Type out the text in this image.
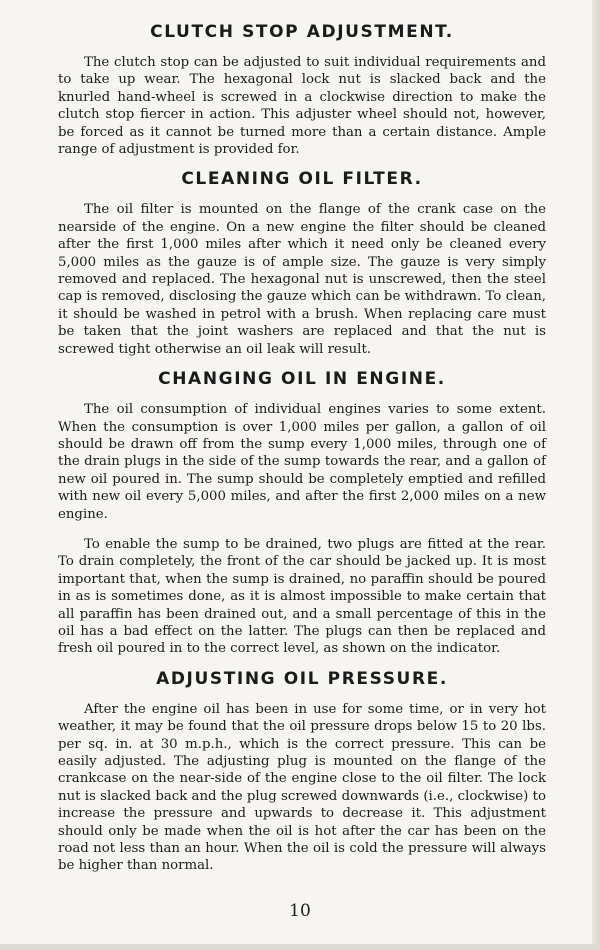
CLUTCH STOP ADJUSTMENT.

The clutch stop can be adjusted to suit individual requirements and to take up wear. The hexagonal lock nut is slacked back and the knurled hand-wheel is screwed in a clockwise direction to make the clutch stop fiercer in action. This adjuster wheel should not, however, be forced as it cannot be turned more than a certain distance. Ample range of adjustment is provided for.

CLEANING OIL FILTER.

The oil filter is mounted on the flange of the crank case on the nearside of the engine. On a new engine the filter should be cleaned after the first 1,000 miles after which it need only be cleaned every 5,000 miles as the gauze is of ample size. The gauze is very simply removed and replaced. The hexagonal nut is unscrewed, then the steel cap is removed, disclosing the gauze which can be withdrawn. To clean, it should be washed in petrol with a brush. When replacing care must be taken that the joint washers are replaced and that the nut is screwed tight otherwise an oil leak will result.

CHANGING OIL IN ENGINE.

The oil consumption of individual engines varies to some extent. When the consumption is over 1,000 miles per gallon, a gallon of oil should be drawn off from the sump every 1,000 miles, through one of the drain plugs in the side of the sump towards the rear, and a gallon of new oil poured in. The sump should be completely emptied and refilled with new oil every 5,000 miles, and after the first 2,000 miles on a new engine.

To enable the sump to be drained, two plugs are fitted at the rear. To drain completely, the front of the car should be jacked up. It is most important that, when the sump is drained, no paraffin should be poured in as is sometimes done, as it is almost impossible to make certain that all paraffin has been drained out, and a small percentage of this in the oil has a bad effect on the latter. The plugs can then be replaced and fresh oil poured in to the correct level, as shown on the indicator.

ADJUSTING OIL PRESSURE.

After the engine oil has been in use for some time, or in very hot weather, it may be found that the oil pressure drops below 15 to 20 lbs. per sq. in. at 30 m.p.h., which is the correct pressure. This can be easily adjusted. The adjusting plug is mounted on the flange of the crankcase on the near-side of the engine close to the oil filter. The lock nut is slacked back and the plug screwed downwards (i.e., clockwise) to increase the pressure and upwards to decrease it. This adjustment should only be made when the oil is hot after the car has been on the road not less than an hour. When the oil is cold the pressure will always be higher than normal.

10
